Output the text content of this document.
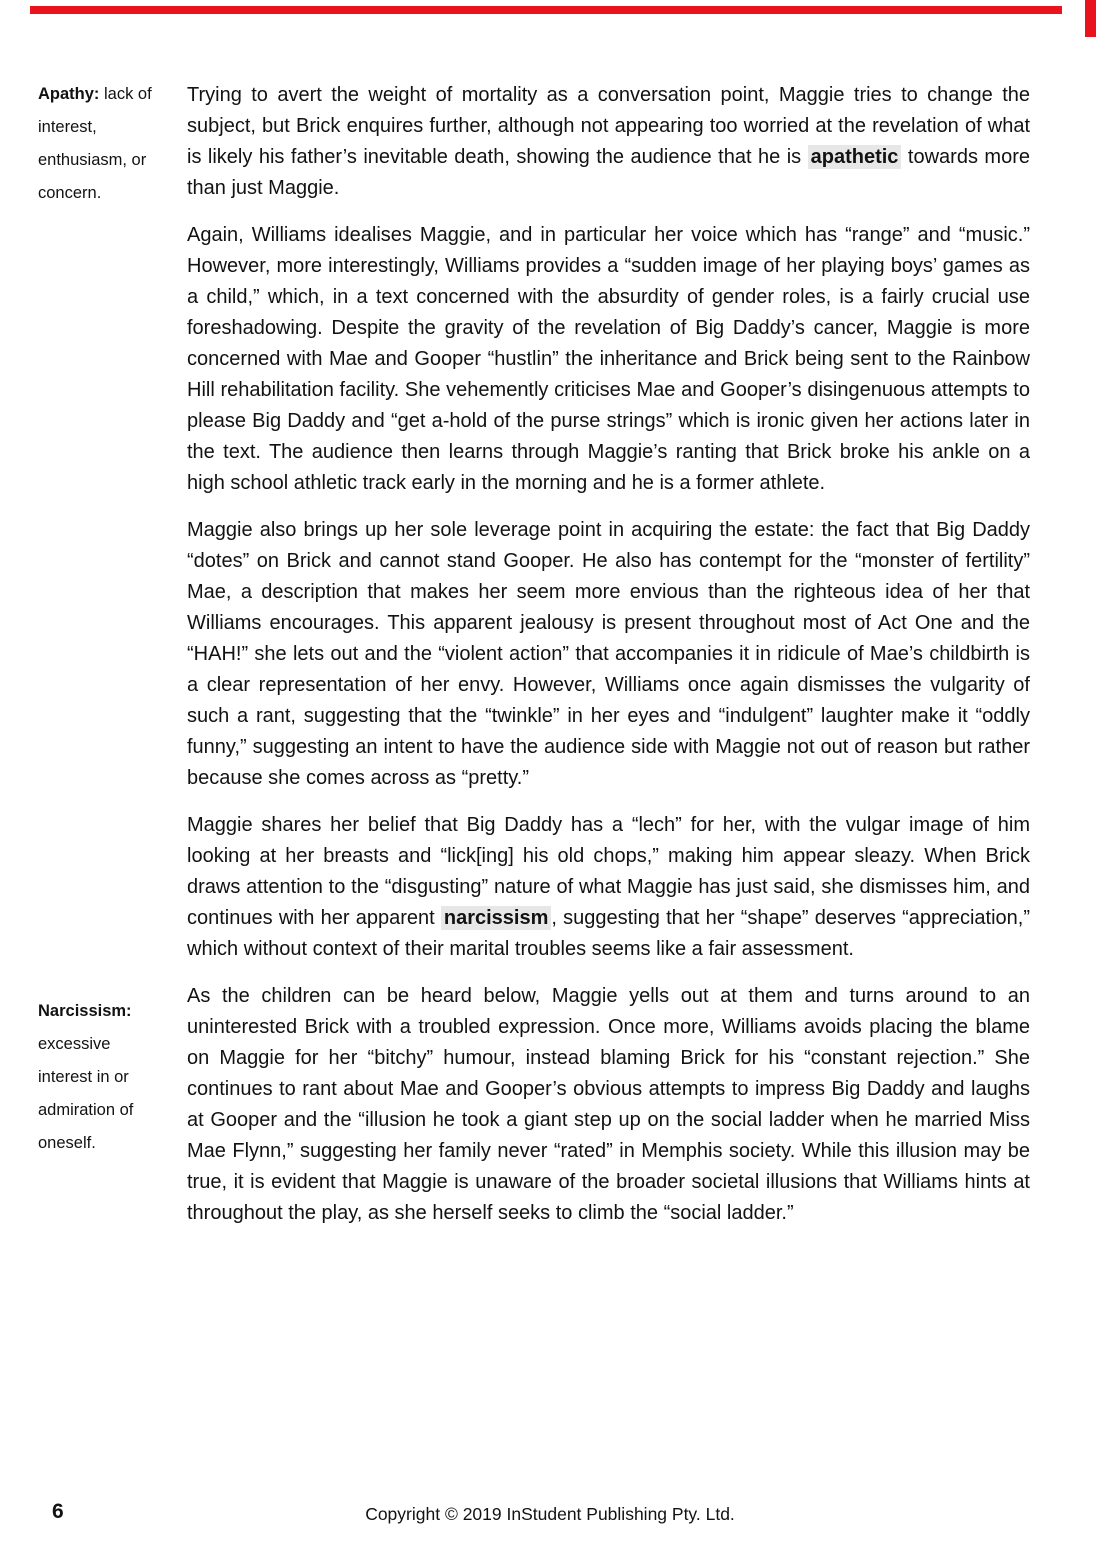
Apathy: lack of interest, enthusiasm, or concern.
Narcissism: excessive interest in or admiration of oneself.

Trying to avert the weight of mortality as a conversation point, Maggie tries to change the subject, but Brick enquires further, although not appearing too worried at the revelation of what is likely his father’s inevitable death, showing the audience that he is apathetic towards more than just Maggie.

Again, Williams idealises Maggie, and in particular her voice which has “range” and “music.” However, more interestingly, Williams provides a “sudden image of her playing boys’ games as a child,” which, in a text concerned with the absurdity of gender roles, is a fairly crucial use foreshadowing. Despite the gravity of the revelation of Big Daddy’s cancer, Maggie is more concerned with Mae and Gooper “hustlin” the inheritance and Brick being sent to the Rainbow Hill rehabilitation facility. She vehemently criticises Mae and Gooper’s disingenuous attempts to please Big Daddy and “get a-hold of the purse strings” which is ironic given her actions later in the text. The audience then learns through Maggie’s ranting that Brick broke his ankle on a high school athletic track early in the morning and he is a former athlete.

Maggie also brings up her sole leverage point in acquiring the estate: the fact that Big Daddy “dotes” on Brick and cannot stand Gooper. He also has contempt for the “monster of fertility” Mae, a description that makes her seem more envious than the righteous idea of her that Williams encourages. This apparent jealousy is present throughout most of Act One and the “HAH!” she lets out and the “violent action” that accompanies it in ridicule of Mae’s childbirth is a clear representation of her envy. However, Williams once again dismisses the vulgarity of such a rant, suggesting that the “twinkle” in her eyes and “indulgent” laughter make it “oddly funny,” suggesting an intent to have the audience side with Maggie not out of reason but rather because she comes across as “pretty.”

Maggie shares her belief that Big Daddy has a “lech” for her, with the vulgar image of him looking at her breasts and “lick[ing] his old chops,” making him appear sleazy. When Brick draws attention to the “disgusting” nature of what Maggie has just said, she dismisses him, and continues with her apparent narcissism , suggesting that her “shape” deserves “appreciation,” which without context of their marital troubles seems like a fair assessment.

As the children can be heard below, Maggie yells out at them and turns around to an uninterested Brick with a troubled expression. Once more, Williams avoids placing the blame on Maggie for her “bitchy” humour, instead blaming Brick for his “constant rejection.” She continues to rant about Mae and Gooper’s obvious attempts to impress Big Daddy and laughs at Gooper and the “illusion he took a giant step up on the social ladder when he married Miss Mae Flynn,” suggesting her family never “rated” in Memphis society. While this illusion may be true, it is evident that Maggie is unaware of the broader societal illusions that Williams hints at throughout the play, as she herself seeks to climb the “social ladder.”

6	Copyright © 2019 InStudent Publishing Pty. Ltd.
